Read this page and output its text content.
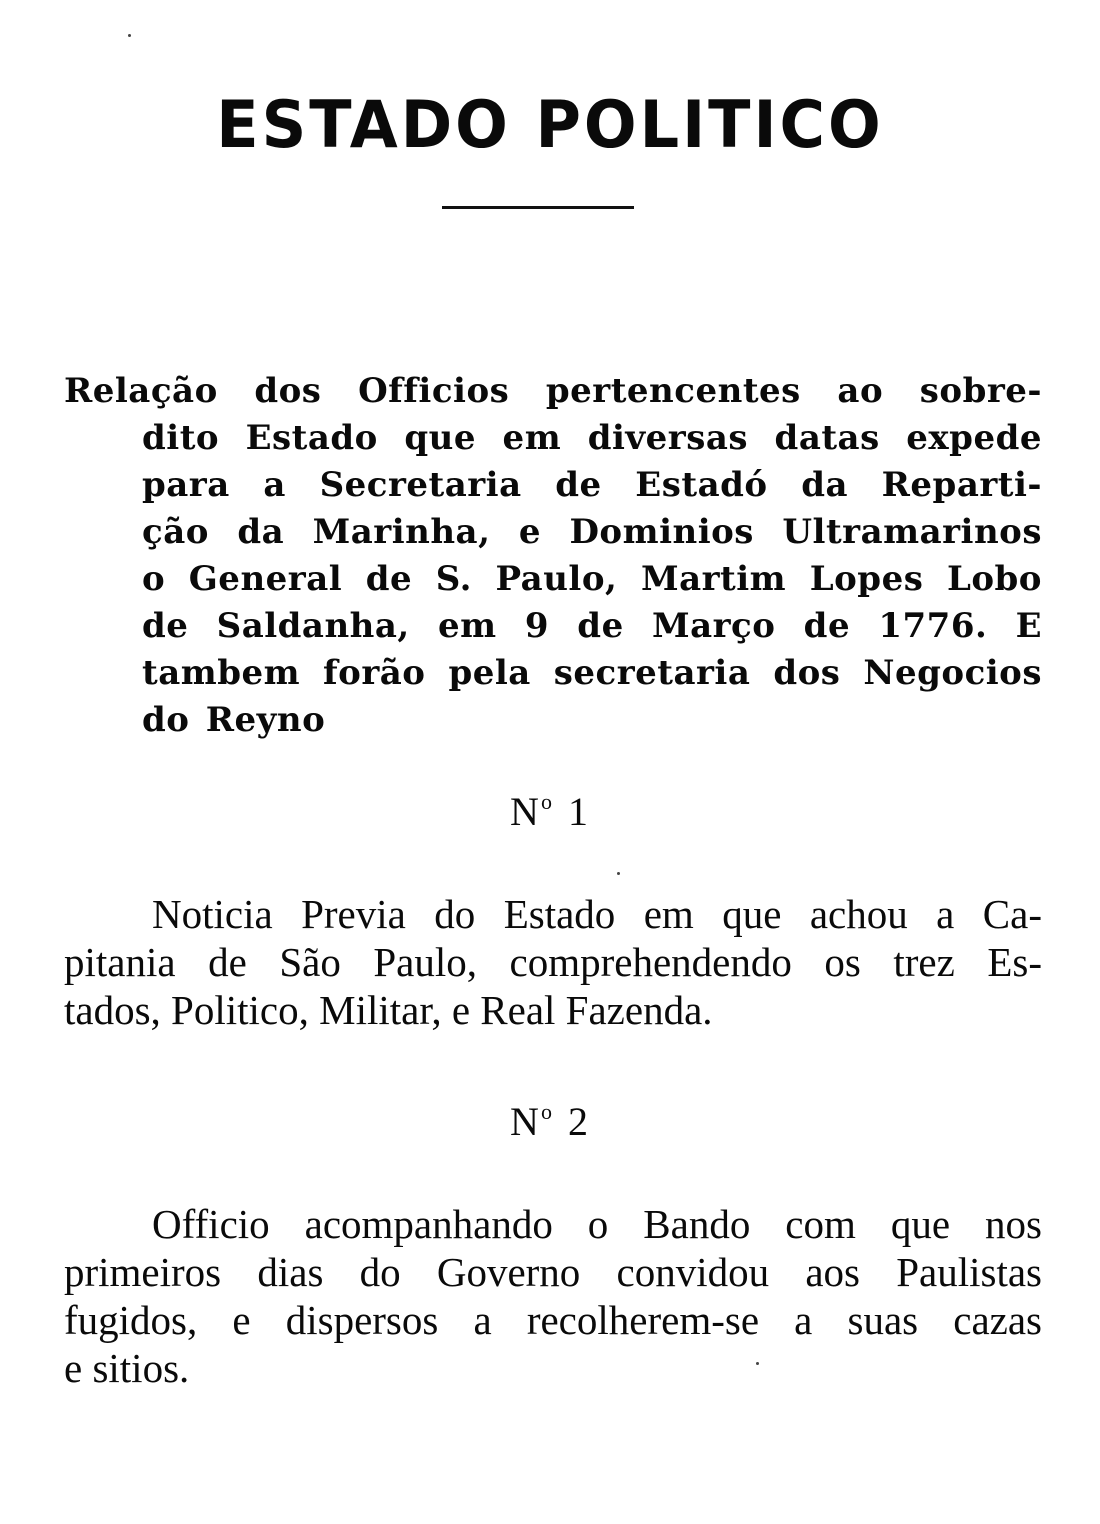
ESTADO POLITICO

Relação dos Officios pertencentes ao sobre-
dito Estado que em diversas datas expede
para a Secretaria de Estadó da Reparti-
ção da Marinha, e Dominios Ultramarinos
o General de S. Paulo, Martim Lopes Lobo
de Saldanha, em 9 de Março de 1776. E
tambem forão pela secretaria dos Negocios
do Reyno

$N^o$ 1

Noticia Previa do Estado em que achou a Ca-
pitania de São Paulo, comprehendendo os trez Es-
tados, Politico, Militar, e Real Fazenda.

$N^o$ 2

Officio acompanhando o Bando com que nos
primeiros dias do Governo convidou aos Paulistas
fugidos, e dispersos a recolherem-se a suas cazas
e sitios.
